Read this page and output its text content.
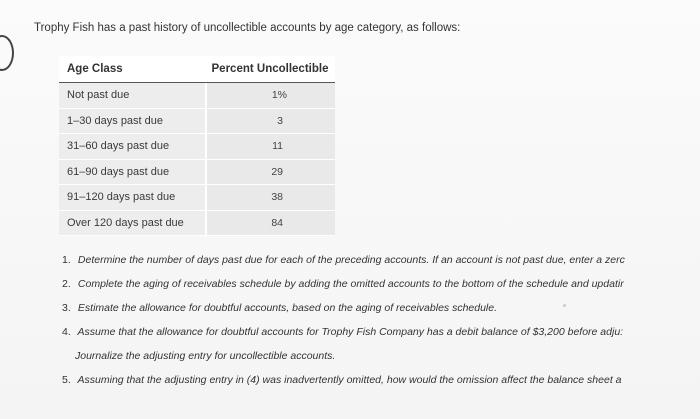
Trophy Fish has a past history of uncollectible accounts by age category, as follows:
Age Class	Percent Uncollectible
Not past due	1%
1–30 days past due	3
31–60 days past due	11
61–90 days past due	29
91–120 days past due	38
Over 120 days past due	84
1. Determine the number of days past due for each of the preceding accounts. If an account is not past due, enter a zerc
2. Complete the aging of receivables schedule by adding the omitted accounts to the bottom of the schedule and updatir
3. Estimate the allowance for doubtful accounts, based on the aging of receivables schedule.
4. Assume that the allowance for doubtful accounts for Trophy Fish Company has a debit balance of $3,200 before adju:
Journalize the adjusting entry for uncollectible accounts.
5. Assuming that the adjusting entry in (4) was inadvertently omitted, how would the omission affect the balance sheet a
